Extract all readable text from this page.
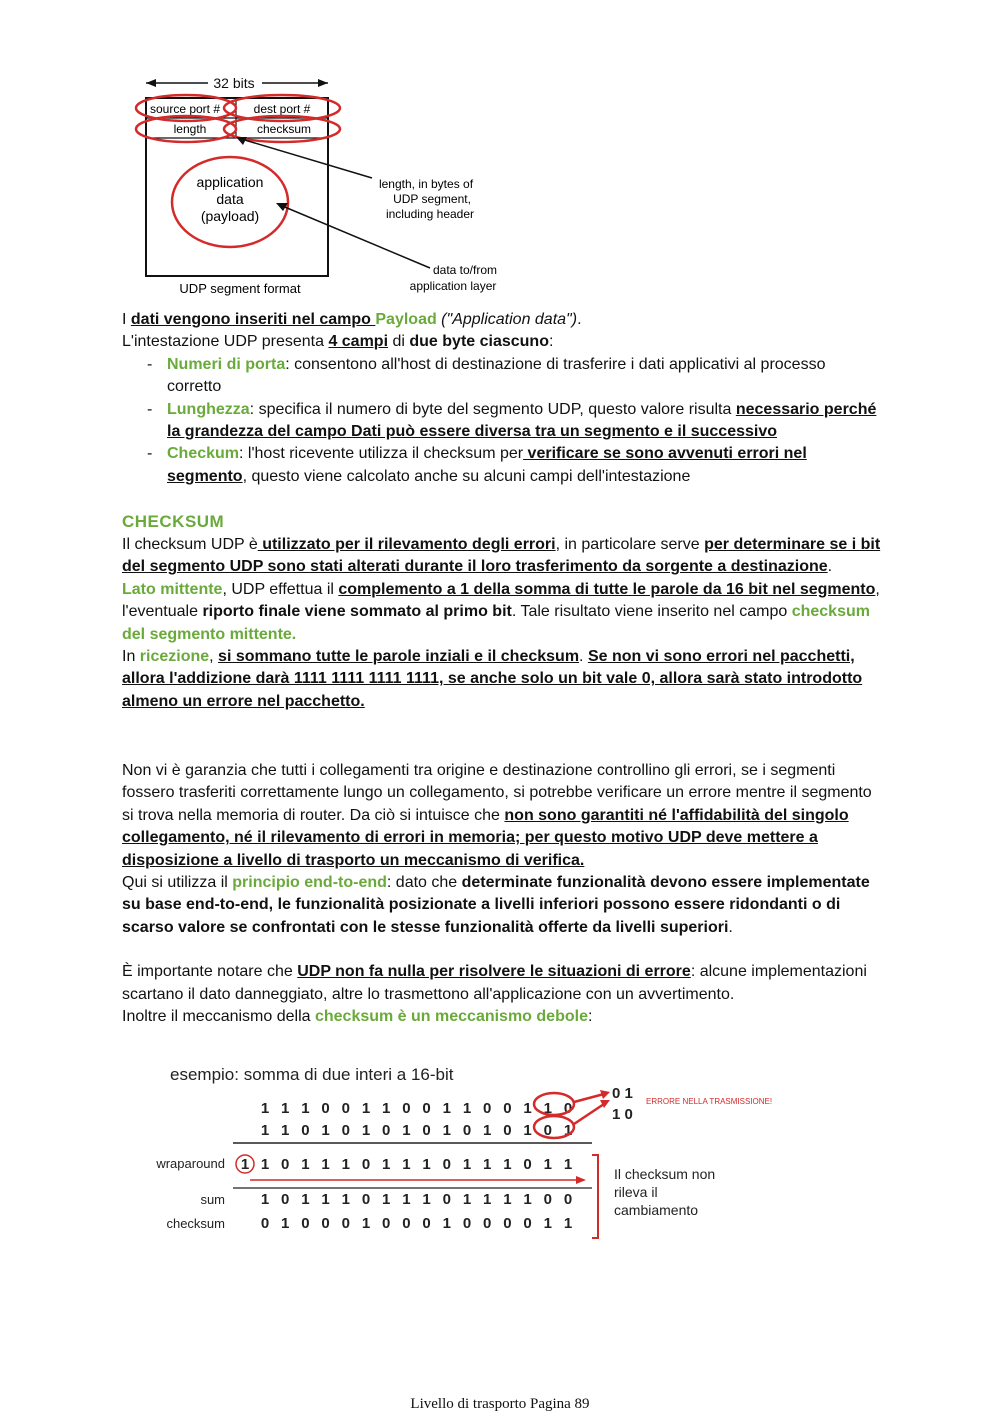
32 bits
source port #	dest port #
length	checksum
application
data
(payload)
length, in bytes of
UDP segment,
including header
data to/from
application layer
UDP segment format

I dati vengono inseriti nel campo Payload ("Application data").

L'intestazione UDP presenta 4 campi di due byte ciascuno:

- Numeri di porta: consentono all'host di destinazione di trasferire i dati applicativi al processo corretto
- Lunghezza: specifica il numero di byte del segmento UDP, questo valore risulta necessario perché la grandezza del campo Dati può essere diversa tra un segmento e il successivo
- Checkum: l'host ricevente utilizza il checksum per verificare se sono avvenuti errori nel segmento, questo viene calcolato anche su alcuni campi dell'intestazione
CHECKSUM

Il checksum UDP è utilizzato per il rilevamento degli errori, in particolare serve per determinare se i bit del segmento UDP sono stati alterati durante il loro trasferimento da sorgente a destinazione.

Lato mittente, UDP effettua il complemento a 1 della somma di tutte le parole da 16 bit nel segmento, l'eventuale riporto finale viene sommato al primo bit. Tale risultato viene inserito nel campo checksum del segmento mittente.

In ricezione, si sommano tutte le parole inziali e il checksum. Se non vi sono errori nel pacchetti, allora l'addizione darà 1111 1111 1111 1111, se anche solo un bit vale 0, allora sarà stato introdotto almeno un errore nel pacchetto.

Non vi è garanzia che tutti i collegamenti tra origine e destinazione controllino gli errori, se i segmenti fossero trasferiti correttamente lungo un collegamento, si potrebbe verificare un errore mentre il segmento si trova nella memoria di router. Da ciò si intuisce che non sono garantiti né l'affidabilità del singolo collegamento, né il rilevamento di errori in memoria; per questo motivo UDP deve mettere a disposizione a livello di trasporto un meccanismo di verifica.

Qui si utilizza il principio end-to-end: dato che determinate funzionalità devono essere implementate su base end-to-end, le funzionalità posizionate a livelli inferiori possono essere ridondanti o di scarso valore se confrontati con le stesse funzionalità offerte da livelli superiori.

È importante notare che UDP non fa nulla per risolvere le situazioni di errore: alcune implementazioni scartano il dato danneggiato, altre lo trasmettono all'applicazione con un avvertimento.

Inoltre il meccanismo della checksum è un meccanismo debole:

esempio: somma di due interi a 16-bit
1 1 1 0 0 1 1 0 0 1 1 0 0 1 1 0
1 1 0 1 0 1 0 1 0 1 0 1 0 1 0 1
1 0 1 1 1 0 1 1 1 0 1 1 1 0 1 1
1 0 1 1 1 0 1 1 1 0 1 1 1 1 0 0
0 1 0 0 0 1 0 0 0 1 0 0 0 0 1 1
wraparound
sum
checksum
1
0 1
1 0
ERRORE NELLA TRASMISSIONE!
Il checksum non
rileva il
cambiamento
Livello di trasporto Pagina 89
